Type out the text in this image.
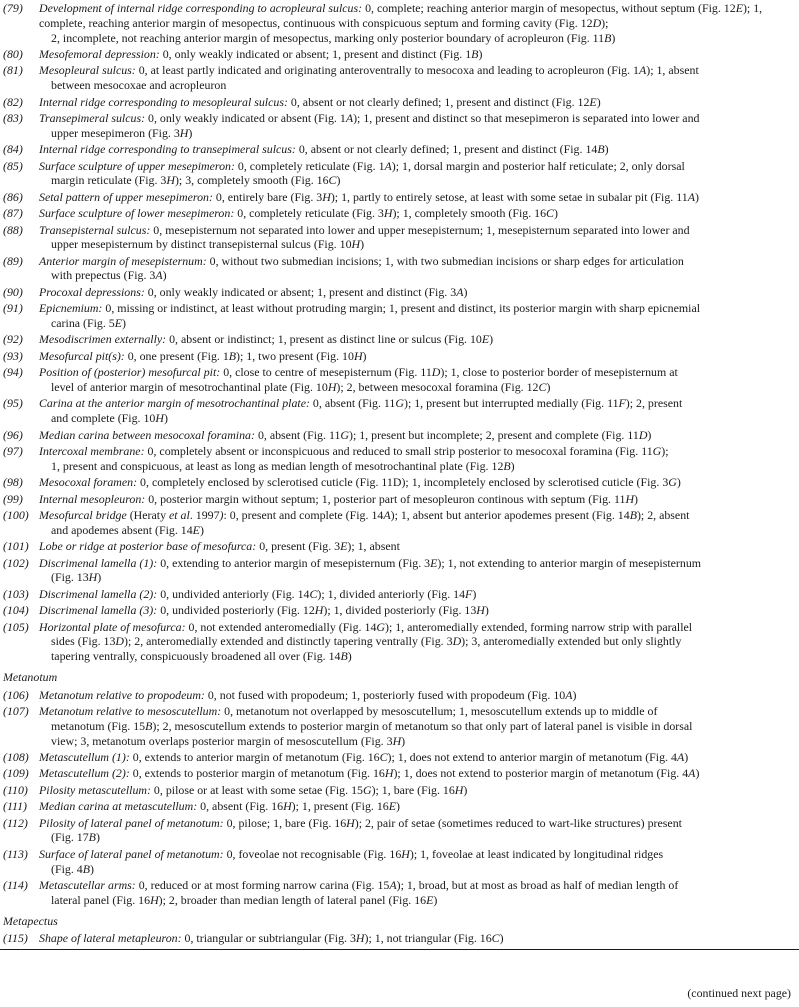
(79) Development of internal ridge corresponding to acropleural sulcus: 0, complete; reaching anterior margin of mesopectus, without septum (Fig. 12E); 1, complete, reaching anterior margin of mesopectus, continuous with conspicuous septum and forming cavity (Fig. 12D);
2, incomplete, not reaching anterior margin of mesopectus, marking only posterior boundary of acropleuron (Fig. 11B)
(80) Mesofemoral depression: 0, only weakly indicated or absent; 1, present and distinct (Fig. 1B)
(81) Mesopleural sulcus: 0, at least partly indicated and originating anteroventrally to mesocoxa and leading to acropleuron (Fig. 1A); 1, absent
between mesocoxae and acropleuron
(82) Internal ridge corresponding to mesopleural sulcus: 0, absent or not clearly defined; 1, present and distinct (Fig. 12E)
(83) Transepimeral sulcus: 0, only weakly indicated or absent (Fig. 1A); 1, present and distinct so that mesepimeron is separated into lower and
upper mesepimeron (Fig. 3H)
(84) Internal ridge corresponding to transepimeral sulcus: 0, absent or not clearly defined; 1, present and distinct (Fig. 14B)
(85) Surface sculpture of upper mesepimeron: 0, completely reticulate (Fig. 1A); 1, dorsal margin and posterior half reticulate; 2, only dorsal
margin reticulate (Fig. 3H); 3, completely smooth (Fig. 16C)
(86) Setal pattern of upper mesepimeron: 0, entirely bare (Fig. 3H); 1, partly to entirely setose, at least with some setae in subalar pit (Fig. 11A)
(87) Surface sculpture of lower mesepimeron: 0, completely reticulate (Fig. 3H); 1, completely smooth (Fig. 16C)
(88) Transepisternal sulcus: 0, mesepisternum not separated into lower and upper mesepisternum; 1, mesepisternum separated into lower and
upper mesepisternum by distinct transepisternal sulcus (Fig. 10H)
(89) Anterior margin of mesepisternum: 0, without two submedian incisions; 1, with two submedian incisions or sharp edges for articulation
with prepectus (Fig. 3A)
(90) Procoxal depressions: 0, only weakly indicated or absent; 1, present and distinct (Fig. 3A)
(91) Epicnemium: 0, missing or indistinct, at least without protruding margin; 1, present and distinct, its posterior margin with sharp epicnemial
carina (Fig. 5E)
(92) Mesodiscrimen externally: 0, absent or indistinct; 1, present as distinct line or sulcus (Fig. 10E)
(93) Mesofurcal pit(s): 0, one present (Fig. 1B); 1, two present (Fig. 10H)
(94) Position of (posterior) mesofurcal pit: 0, close to centre of mesepisternum (Fig. 11D); 1, close to posterior border of mesepisternum at
level of anterior margin of mesotrochantinal plate (Fig. 10H); 2, between mesocoxal foramina (Fig. 12C)
(95) Carina at the anterior margin of mesotrochantinal plate: 0, absent (Fig. 11G); 1, present but interrupted medially (Fig. 11F); 2, present
and complete (Fig. 10H)
(96) Median carina between mesocoxal foramina: 0, absent (Fig. 11G); 1, present but incomplete; 2, present and complete (Fig. 11D)
(97) Intercoxal membrane: 0, completely absent or inconspicuous and reduced to small strip posterior to mesocoxal foramina (Fig. 11G);
1, present and conspicuous, at least as long as median length of mesotrochantinal plate (Fig. 12B)
(98) Mesocoxal foramen: 0, completely enclosed by sclerotised cuticle (Fig. 11D); 1, incompletely enclosed by sclerotised cuticle (Fig. 3G)
(99) Internal mesopleuron: 0, posterior margin without septum; 1, posterior part of mesopleuron continous with septum (Fig. 11H)
(100) Mesofurcal bridge (Heraty et al. 1997): 0, present and complete (Fig. 14A); 1, absent but anterior apodemes present (Fig. 14B); 2, absent
and apodemes absent (Fig. 14E)
(101) Lobe or ridge at posterior base of mesofurca: 0, present (Fig. 3E); 1, absent
(102) Discrimenal lamella (1): 0, extending to anterior margin of mesepisternum (Fig. 3E); 1, not extending to anterior margin of mesepisternum
(Fig. 13H)
(103) Discrimenal lamella (2): 0, undivided anteriorly (Fig. 14C); 1, divided anteriorly (Fig. 14F)
(104) Discrimenal lamella (3): 0, undivided posteriorly (Fig. 12H); 1, divided posteriorly (Fig. 13H)
(105) Horizontal plate of mesofurca: 0, not extended anteromedially (Fig. 14G); 1, anteromedially extended, forming narrow strip with parallel
sides (Fig. 13D); 2, anteromedially extended and distinctly tapering ventrally (Fig. 3D); 3, anteromedially extended but only slightly
tapering ventrally, conspicuously broadened all over (Fig. 14B)
Metanotum
(106) Metanotum relative to propodeum: 0, not fused with propodeum; 1, posteriorly fused with propodeum (Fig. 10A)
(107) Metanotum relative to mesoscutellum: 0, metanotum not overlapped by mesoscutellum; 1, mesoscutellum extends up to middle of
metanotum (Fig. 15B); 2, mesoscutellum extends to posterior margin of metanotum so that only part of lateral panel is visible in dorsal
view; 3, metanotum overlaps posterior margin of mesoscutellum (Fig. 3H)
(108) Metascutellum (1): 0, extends to anterior margin of metanotum (Fig. 16C); 1, does not extend to anterior margin of metanotum (Fig. 4A)
(109) Metascutellum (2): 0, extends to posterior margin of metanotum (Fig. 16H); 1, does not extend to posterior margin of metanotum (Fig. 4A)
(110) Pilosity metascutellum: 0, pilose or at least with some setae (Fig. 15G); 1, bare (Fig. 16H)
(111) Median carina at metascutellum: 0, absent (Fig. 16H); 1, present (Fig. 16E)
(112) Pilosity of lateral panel of metanotum: 0, pilose; 1, bare (Fig. 16H); 2, pair of setae (sometimes reduced to wart-like structures) present
(Fig. 17B)
(113) Surface of lateral panel of metanotum: 0, foveolae not recognisable (Fig. 16H); 1, foveolae at least indicated by longitudinal ridges
(Fig. 4B)
(114) Metascutellar arms: 0, reduced or at most forming narrow carina (Fig. 15A); 1, broad, but at most as broad as half of median length of
lateral panel (Fig. 16H); 2, broader than median length of lateral panel (Fig. 16E)
Metapectus
(115) Shape of lateral metapleuron: 0, triangular or subtriangular (Fig. 3H); 1, not triangular (Fig. 16C)
(continued next page)
